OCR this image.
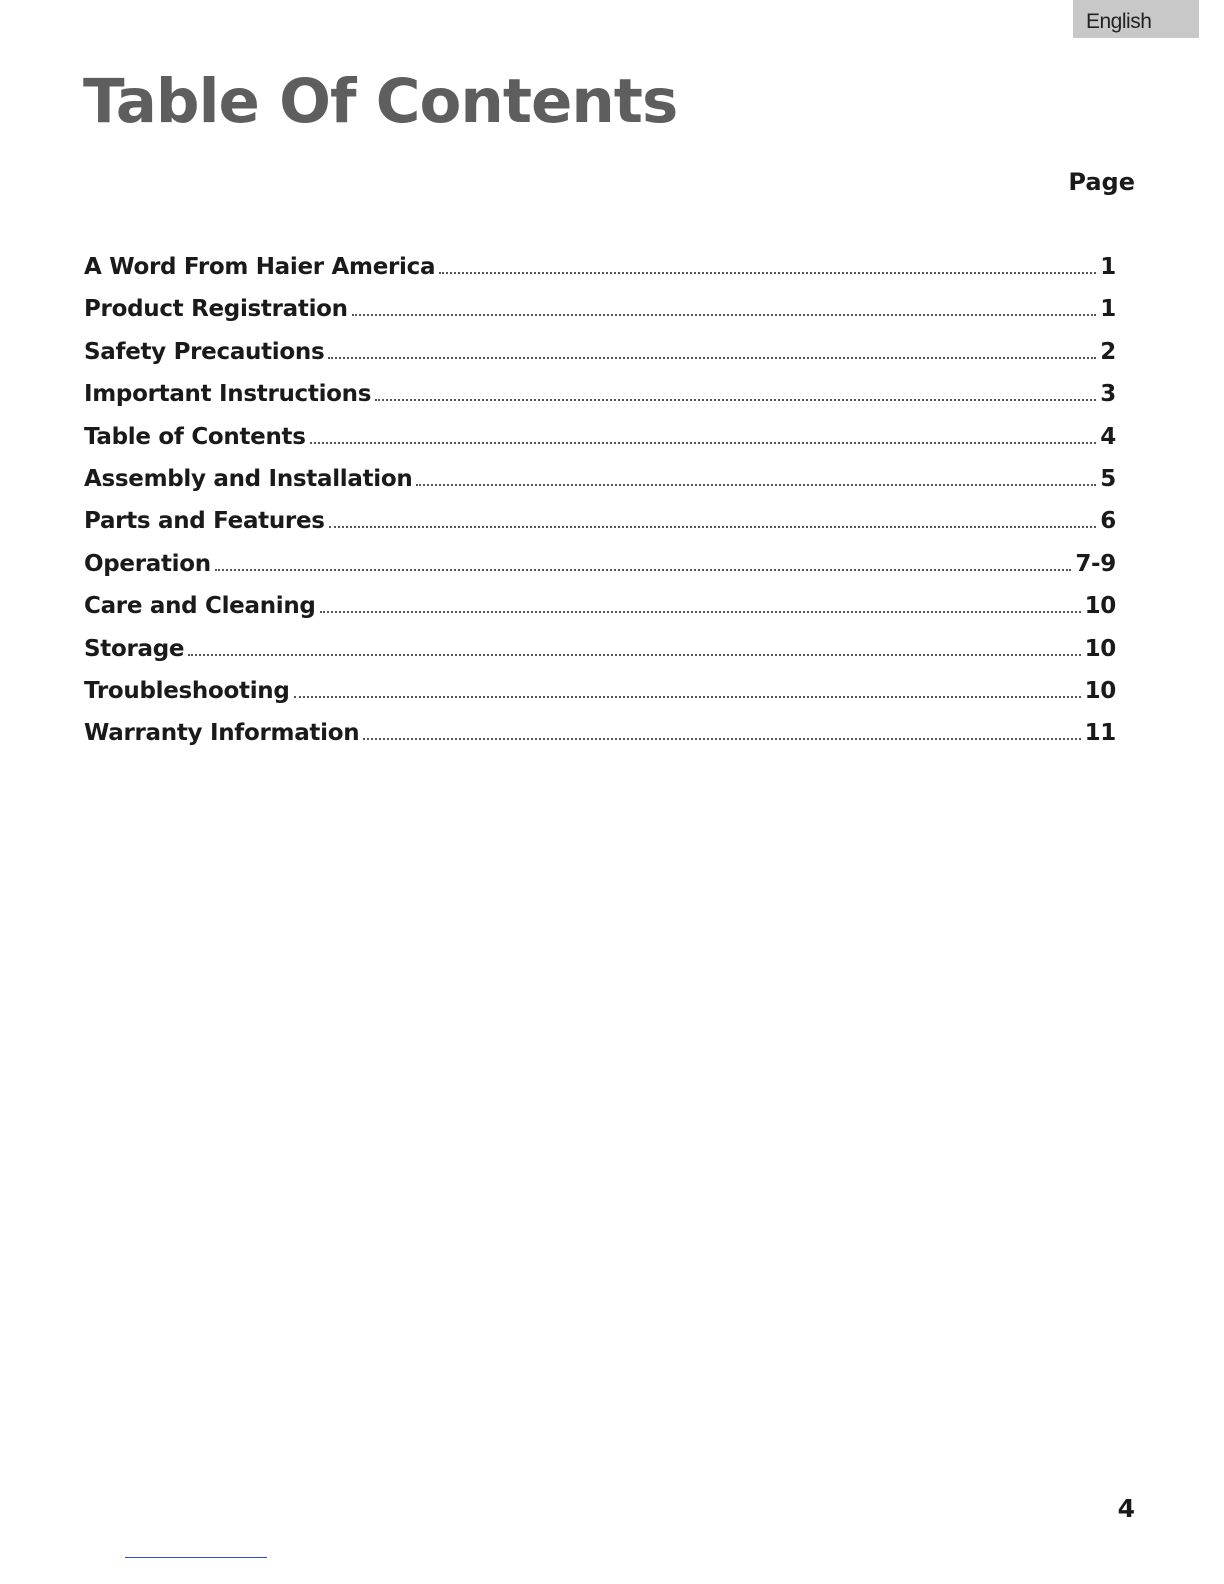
English
Table Of Contents
Page
A Word From Haier America	1
Product Registration	1
Safety Precautions	2
Important Instructions	3
Table of Contents	4
Assembly and Installation	5
Parts and Features	6
Operation	7-9
Care and Cleaning	10
Storage	10
Troubleshooting	10
Warranty Information	11
4
